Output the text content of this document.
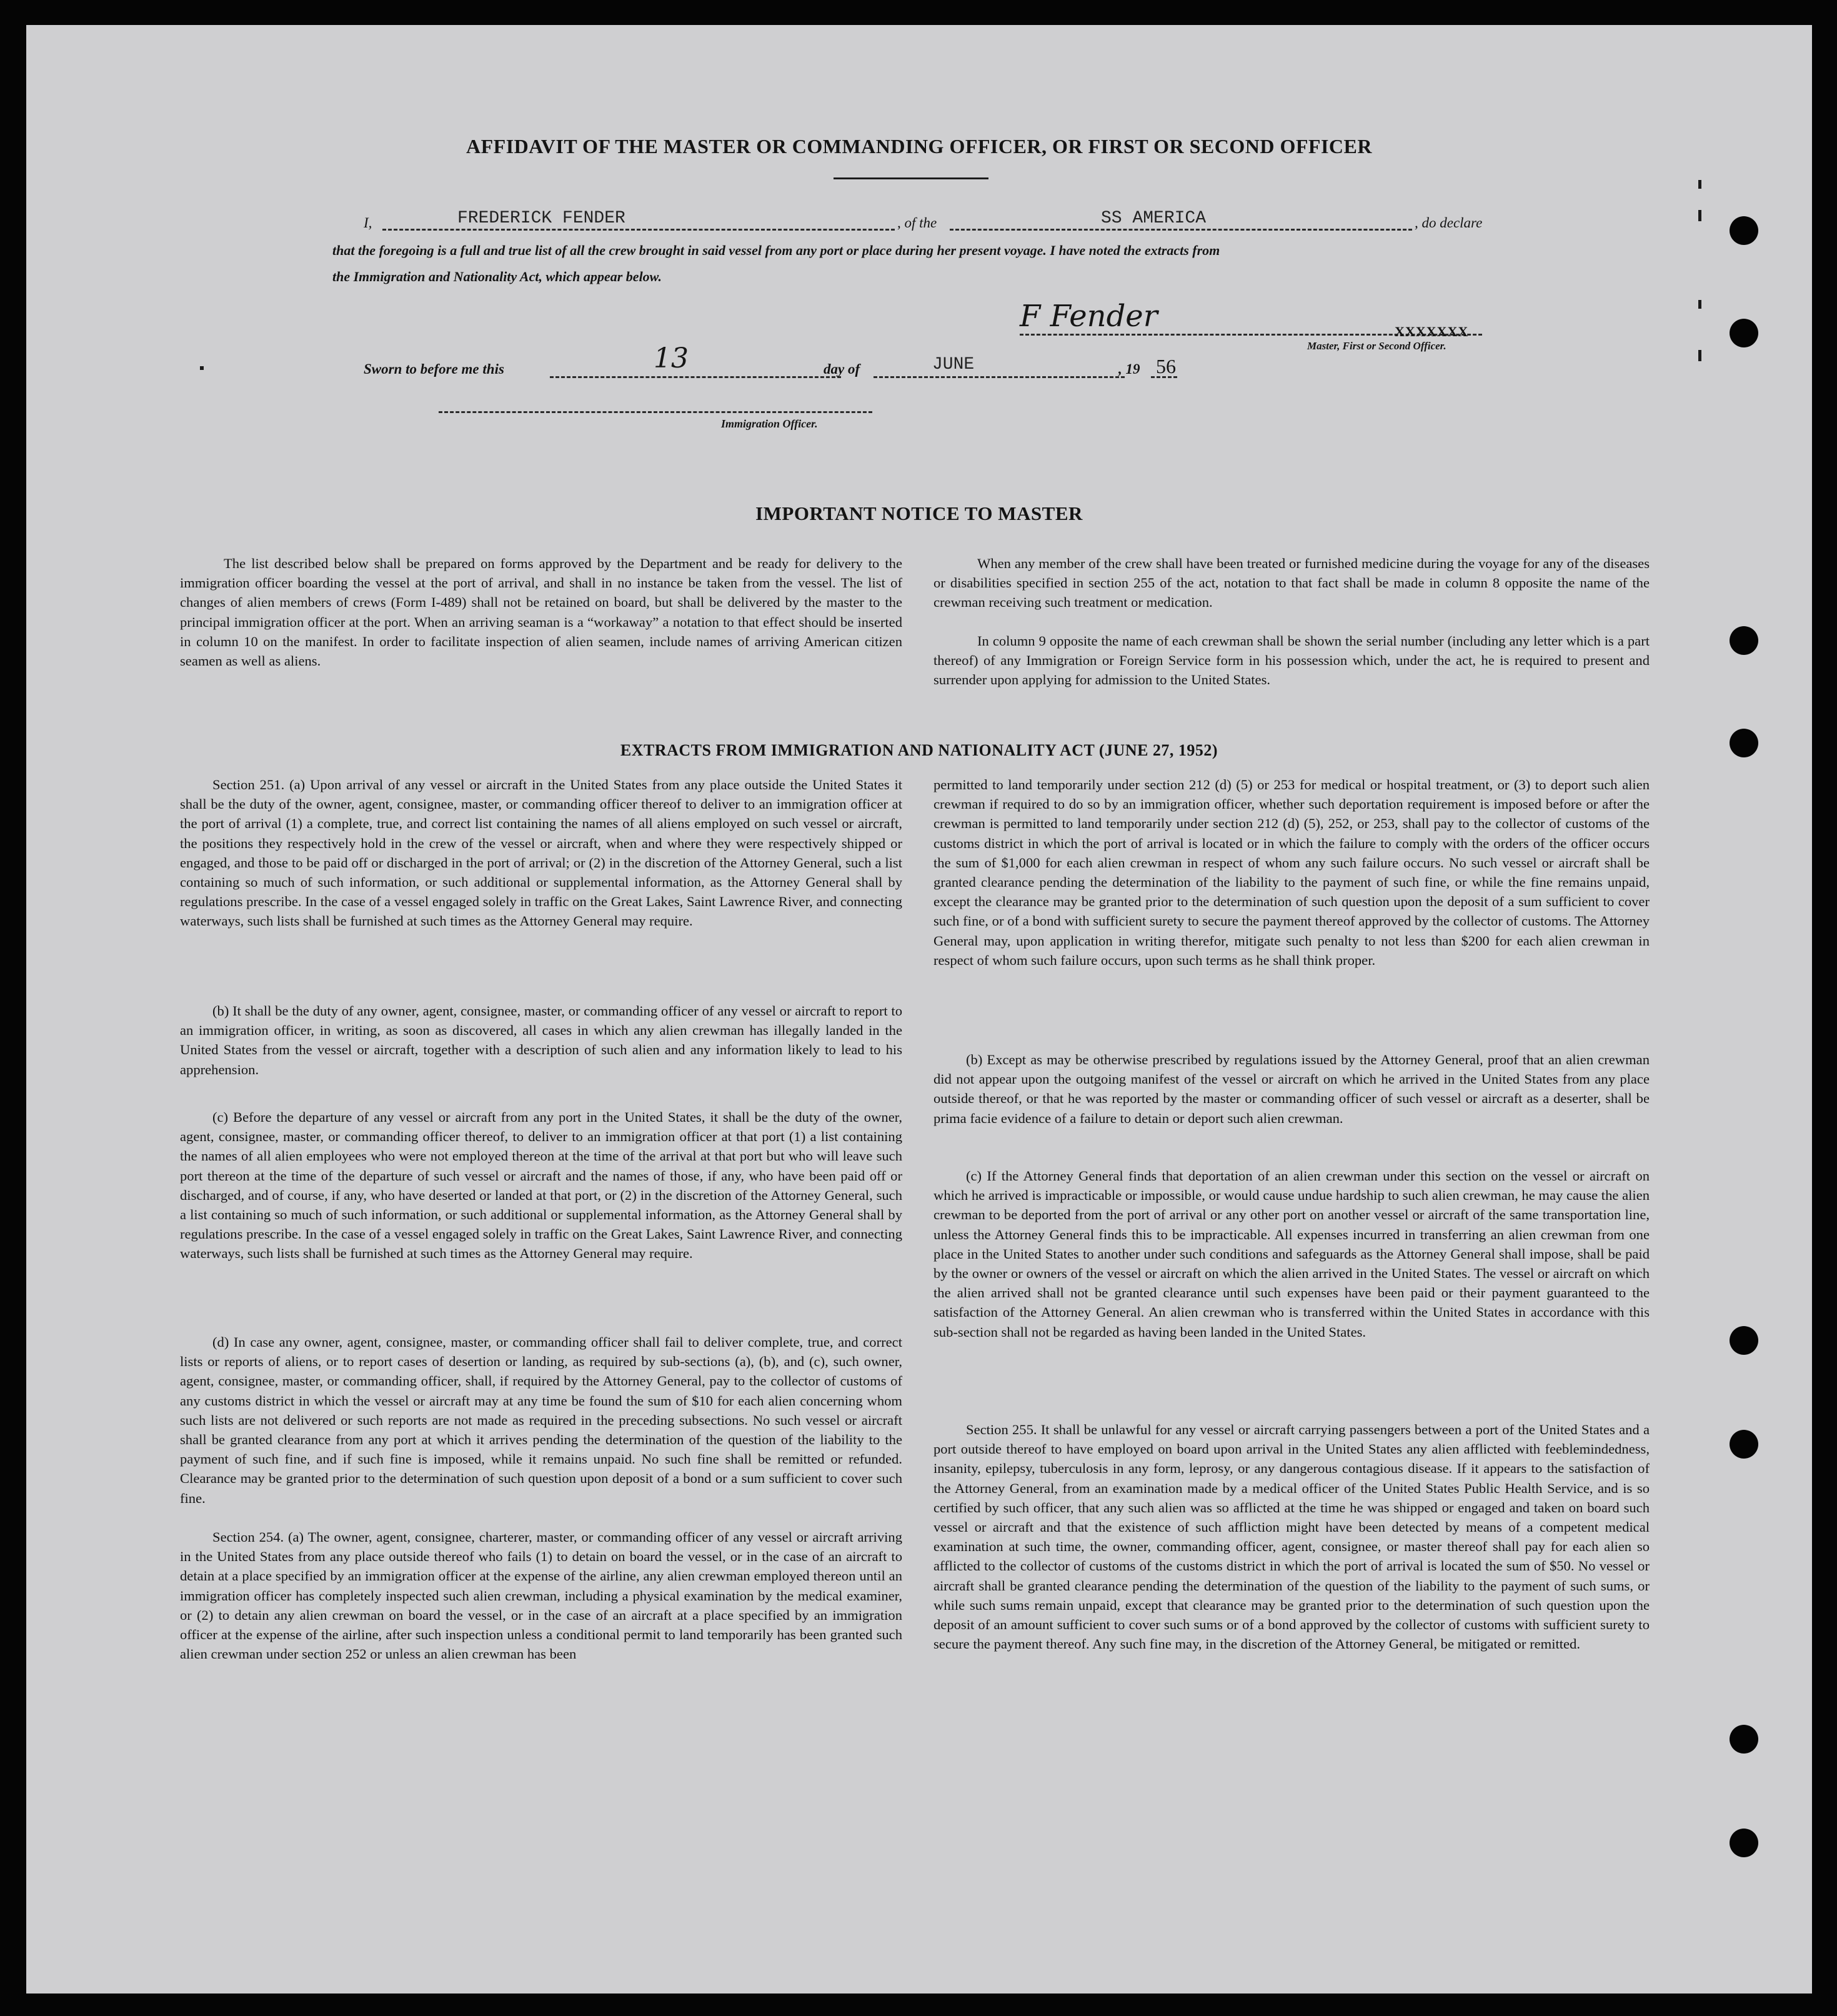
AFFIDAVIT OF THE MASTER OR COMMANDING OFFICER, OR FIRST OR SECOND OFFICER
I,	FREDERICK FENDER	, of the	SS AMERICA	, do declare
that the foregoing is a full and true list of all the crew brought in said vessel from any port or place during her present voyage. I have noted the extracts from
the Immigration and Nationality Act, which appear below.
F Fender	XXXXXXX
Master, First or Second Officer.
Sworn to before me this	13	day of	JUNE	, 19 56
Immigration Officer.
IMPORTANT NOTICE TO MASTER

The list described below shall be prepared on forms approved by the Department and be ready for delivery to the immigration officer boarding the vessel at the port of arrival, and shall in no instance be taken from the vessel. The list of changes of alien members of crews (Form I-489) shall not be retained on board, but shall be delivered by the master to the principal immigration officer at the port. When an arriving seaman is a “workaway” a notation to that effect should be inserted in column 10 on the manifest. In order to facilitate inspection of alien seamen, include names of arriving American citizen seamen as well as aliens.

When any member of the crew shall have been treated or furnished medicine during the voyage for any of the diseases or disabilities specified in section 255 of the act, notation to that fact shall be made in column 8 opposite the name of the crewman receiving such treatment or medication.

In column 9 opposite the name of each crewman shall be shown the serial number (including any letter which is a part thereof) of any Immigration or Foreign Service form in his possession which, under the act, he is required to present and surrender upon applying for admission to the United States.

EXTRACTS FROM IMMIGRATION AND NATIONALITY ACT (JUNE 27, 1952)

Section 251. (a) Upon arrival of any vessel or aircraft in the United States from any place outside the United States it shall be the duty of the owner, agent, consignee, master, or commanding officer thereof to deliver to an immigration officer at the port of arrival (1) a complete, true, and correct list containing the names of all aliens employed on such vessel or aircraft, the positions they respectively hold in the crew of the vessel or aircraft, when and where they were respectively shipped or engaged, and those to be paid off or discharged in the port of arrival; or (2) in the discretion of the Attorney General, such a list containing so much of such information, or such additional or supplemental information, as the Attorney General shall by regulations prescribe. In the case of a vessel engaged solely in traffic on the Great Lakes, Saint Lawrence River, and connecting waterways, such lists shall be furnished at such times as the Attorney General may require.

(b) It shall be the duty of any owner, agent, consignee, master, or commanding officer of any vessel or aircraft to report to an immigration officer, in writing, as soon as discovered, all cases in which any alien crewman has illegally landed in the United States from the vessel or aircraft, together with a description of such alien and any information likely to lead to his apprehension.

(c) Before the departure of any vessel or aircraft from any port in the United States, it shall be the duty of the owner, agent, consignee, master, or commanding officer thereof, to deliver to an immigration officer at that port (1) a list containing the names of all alien employees who were not employed thereon at the time of the arrival at that port but who will leave such port thereon at the time of the departure of such vessel or aircraft and the names of those, if any, who have been paid off or discharged, and of course, if any, who have deserted or landed at that port, or (2) in the discretion of the Attorney General, such a list containing so much of such information, or such additional or supplemental information, as the Attorney General shall by regulations prescribe. In the case of a vessel engaged solely in traffic on the Great Lakes, Saint Lawrence River, and connecting waterways, such lists shall be furnished at such times as the Attorney General may require.

(d) In case any owner, agent, consignee, master, or commanding officer shall fail to deliver complete, true, and correct lists or reports of aliens, or to report cases of desertion or landing, as required by sub-sections (a), (b), and (c), such owner, agent, consignee, master, or commanding officer, shall, if required by the Attorney General, pay to the collector of customs of any customs district in which the vessel or aircraft may at any time be found the sum of $10 for each alien concerning whom such lists are not delivered or such reports are not made as required in the preceding subsections. No such vessel or aircraft shall be granted clearance from any port at which it arrives pending the determination of the question of the liability to the payment of such fine, and if such fine is imposed, while it remains unpaid. No such fine shall be remitted or refunded. Clearance may be granted prior to the determination of such question upon deposit of a bond or a sum sufficient to cover such fine.

Section 254. (a) The owner, agent, consignee, charterer, master, or commanding officer of any vessel or aircraft arriving in the United States from any place outside thereof who fails (1) to detain on board the vessel, or in the case of an aircraft to detain at a place specified by an immigration officer at the expense of the airline, any alien crewman employed thereon until an immigration officer has completely inspected such alien crewman, including a physical examination by the medical examiner, or (2) to detain any alien crewman on board the vessel, or in the case of an aircraft at a place specified by an immigration officer at the expense of the airline, after such inspection unless a conditional permit to land temporarily has been granted such alien crewman under section 252 or unless an alien crewman has been

permitted to land temporarily under section 212 (d) (5) or 253 for medical or hospital treatment, or (3) to deport such alien crewman if required to do so by an immigration officer, whether such deportation requirement is imposed before or after the crewman is permitted to land temporarily under section 212 (d) (5), 252, or 253, shall pay to the collector of customs of the customs district in which the port of arrival is located or in which the failure to comply with the orders of the officer occurs the sum of $1,000 for each alien crewman in respect of whom any such failure occurs. No such vessel or aircraft shall be granted clearance pending the determination of the liability to the payment of such fine, or while the fine remains unpaid, except the clearance may be granted prior to the determination of such question upon the deposit of a sum sufficient to cover such fine, or of a bond with sufficient surety to secure the payment thereof approved by the collector of customs. The Attorney General may, upon application in writing therefor, mitigate such penalty to not less than $200 for each alien crewman in respect of whom such failure occurs, upon such terms as he shall think proper.

(b) Except as may be otherwise prescribed by regulations issued by the Attorney General, proof that an alien crewman did not appear upon the outgoing manifest of the vessel or aircraft on which he arrived in the United States from any place outside thereof, or that he was reported by the master or commanding officer of such vessel or aircraft as a deserter, shall be prima facie evidence of a failure to detain or deport such alien crewman.

(c) If the Attorney General finds that deportation of an alien crewman under this section on the vessel or aircraft on which he arrived is impracticable or impossible, or would cause undue hardship to such alien crewman, he may cause the alien crewman to be deported from the port of arrival or any other port on another vessel or aircraft of the same transportation line, unless the Attorney General finds this to be impracticable. All expenses incurred in transferring an alien crewman from one place in the United States to another under such conditions and safeguards as the Attorney General shall impose, shall be paid by the owner or owners of the vessel or aircraft on which the alien arrived in the United States. The vessel or aircraft on which the alien arrived shall not be granted clearance until such expenses have been paid or their payment guaranteed to the satisfaction of the Attorney General. An alien crewman who is transferred within the United States in accordance with this sub-section shall not be regarded as having been landed in the United States.

Section 255. It shall be unlawful for any vessel or aircraft carrying passengers between a port of the United States and a port outside thereof to have employed on board upon arrival in the United States any alien afflicted with feeblemindedness, insanity, epilepsy, tuberculosis in any form, leprosy, or any dangerous contagious disease. If it appears to the satisfaction of the Attorney General, from an examination made by a medical officer of the United States Public Health Service, and is so certified by such officer, that any such alien was so afflicted at the time he was shipped or engaged and taken on board such vessel or aircraft and that the existence of such affliction might have been detected by means of a competent medical examination at such time, the owner, commanding officer, agent, consignee, or master thereof shall pay for each alien so afflicted to the collector of customs of the customs district in which the port of arrival is located the sum of $50. No vessel or aircraft shall be granted clearance pending the determination of the question of the liability to the payment of such sums, or while such sums remain unpaid, except that clearance may be granted prior to the determination of such question upon the deposit of an amount sufficient to cover such sums or of a bond approved by the collector of customs with sufficient surety to secure the payment thereof. Any such fine may, in the discretion of the Attorney General, be mitigated or remitted.
